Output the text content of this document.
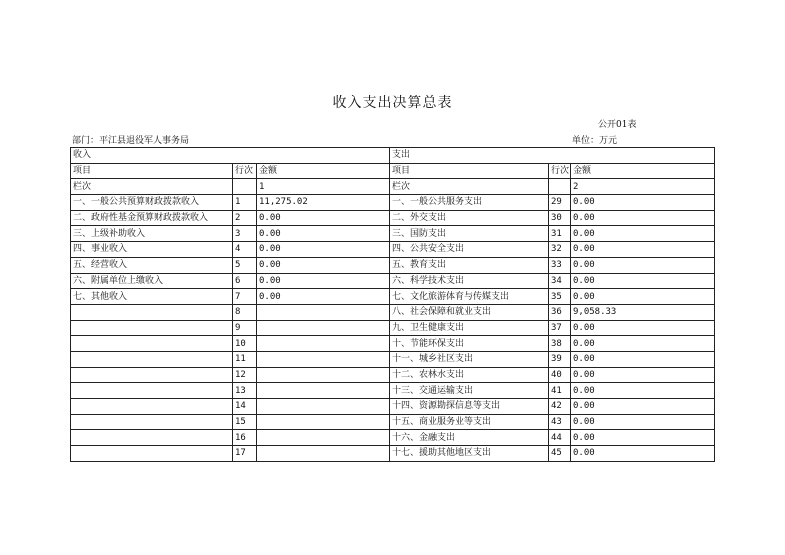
收入支出决算总表
公开01表
部门：平江县退役军人事务局	单位：万元
收入			支出		
项目	行次	金额	项目	行次	金额
栏次		1	栏次		2
一、一般公共预算财政拨款收入	1	11,275.02	一、一般公共服务支出	29	0.00
二、政府性基金预算财政拨款收入	2	0.00	二、外交支出	30	0.00
三、上级补助收入	3	0.00	三、国防支出	31	0.00
四、事业收入	4	0.00	四、公共安全支出	32	0.00
五、经营收入	5	0.00	五、教育支出	33	0.00
六、附属单位上缴收入	6	0.00	六、科学技术支出	34	0.00
七、其他收入	7	0.00	七、文化旅游体育与传媒支出	35	0.00
	8		八、社会保障和就业支出	36	9,058.33
	9		九、卫生健康支出	37	0.00
	10		十、节能环保支出	38	0.00
	11		十一、城乡社区支出	39	0.00
	12		十二、农林水支出	40	0.00
	13		十三、交通运输支出	41	0.00
	14		十四、资源勘探信息等支出	42	0.00
	15		十五、商业服务业等支出	43	0.00
	16		十六、金融支出	44	0.00
	17		十七、援助其他地区支出	45	0.00
